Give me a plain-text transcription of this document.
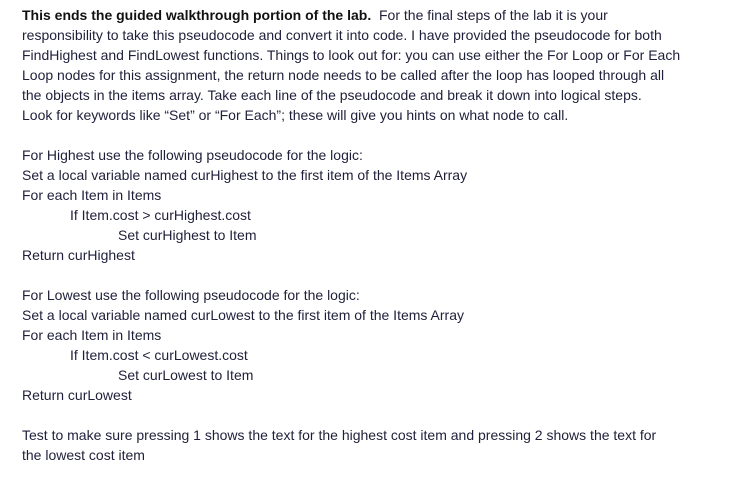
This ends the guided walkthrough portion of the lab.  For the final steps of the lab it is your
responsibility to take this pseudocode and convert it into code. I have provided the pseudocode for both
FindHighest and FindLowest functions. Things to look out for: you can use either the For Loop or For Each
Loop nodes for this assignment, the return node needs to be called after the loop has looped through all
the objects in the items array. Take each line of the pseudocode and break it down into logical steps.
Look for keywords like “Set” or “For Each”; these will give you hints on what node to call.
For Highest use the following pseudocode for the logic:
Set a local variable named curHighest to the first item of the Items Array
For each Item in Items
If Item.cost > curHighest.cost
Set curHighest to Item
Return curHighest
For Lowest use the following pseudocode for the logic:
Set a local variable named curLowest to the first item of the Items Array
For each Item in Items
If Item.cost < curLowest.cost
Set curLowest to Item
Return curLowest
Test to make sure pressing 1 shows the text for the highest cost item and pressing 2 shows the text for
the lowest cost item
